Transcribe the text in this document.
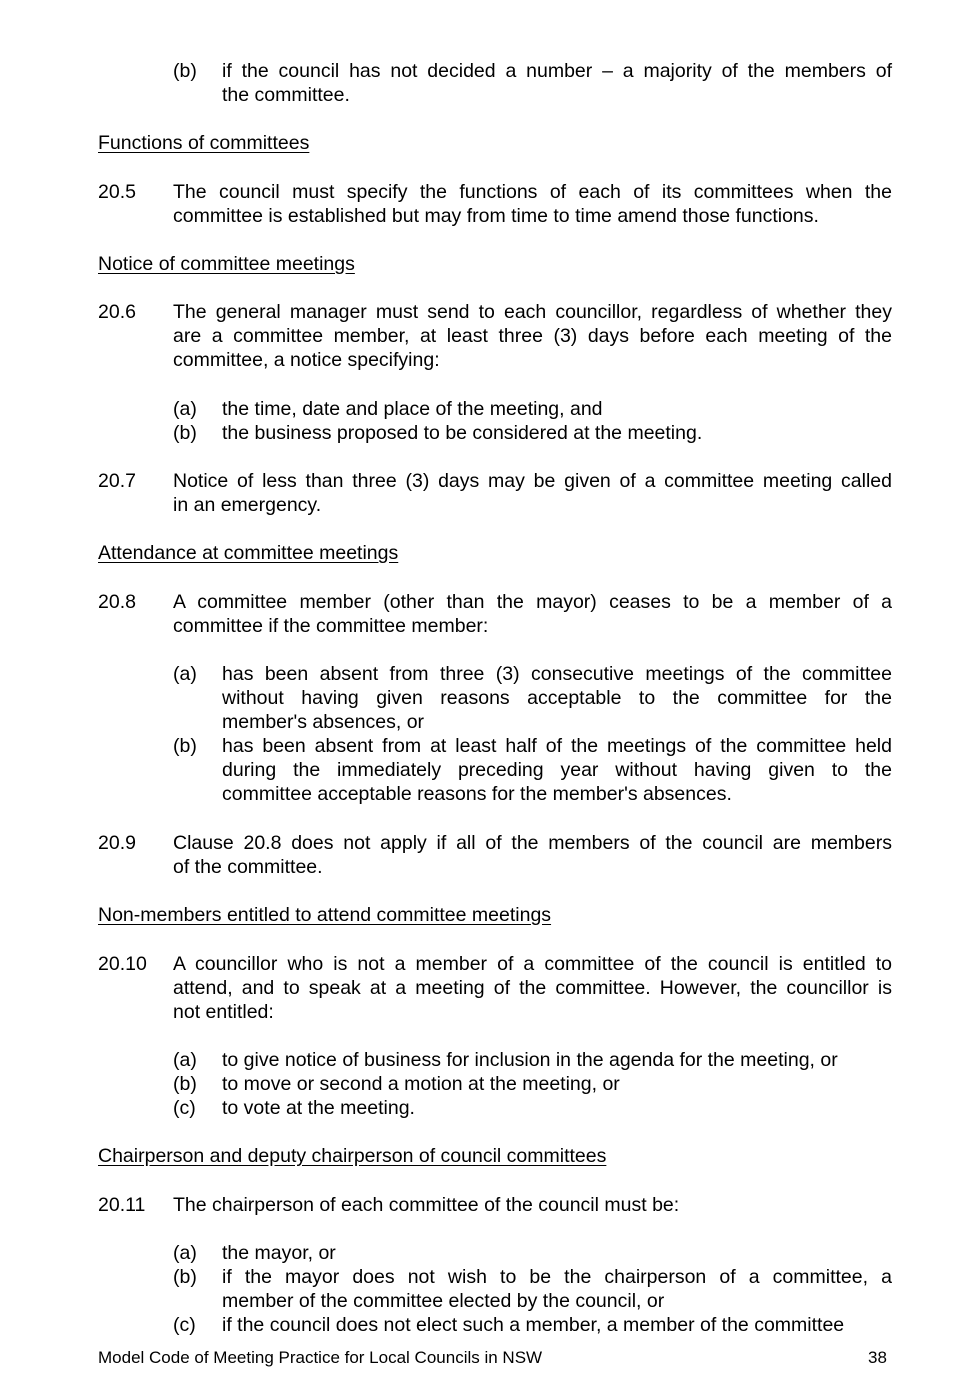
(b) if the council has not decided a number – a majority of the members of
the committee.
Functions of committees
20.5 The council must specify the functions of each of its committees when the
committee is established but may from time to time amend those functions.
Notice of committee meetings
20.6 The general manager must send to each councillor, regardless of whether they
are a committee member, at least three (3) days before each meeting of the
committee, a notice specifying:
(a) the time, date and place of the meeting, and
(b) the business proposed to be considered at the meeting.
20.7 Notice of less than three (3) days may be given of a committee meeting called
in an emergency.
Attendance at committee meetings
20.8 A committee member (other than the mayor) ceases to be a member of a
committee if the committee member:
(a) has been absent from three (3) consecutive meetings of the committee
without having given reasons acceptable to the committee for the
member's absences, or
(b) has been absent from at least half of the meetings of the committee held
during the immediately preceding year without having given to the
committee acceptable reasons for the member's absences.
20.9 Clause 20.8 does not apply if all of the members of the council are members
of the committee.
Non-members entitled to attend committee meetings
20.10 A councillor who is not a member of a committee of the council is entitled to
attend, and to speak at a meeting of the committee. However, the councillor is
not entitled:
(a) to give notice of business for inclusion in the agenda for the meeting, or
(b) to move or second a motion at the meeting, or
(c) to vote at the meeting.
Chairperson and deputy chairperson of council committees
20.11 The chairperson of each committee of the council must be:
(a) the mayor, or
(b) if the mayor does not wish to be the chairperson of a committee, a
member of the committee elected by the council, or
(c) if the council does not elect such a member, a member of the committee
Model Code of Meeting Practice for Local Councils in NSW	38
